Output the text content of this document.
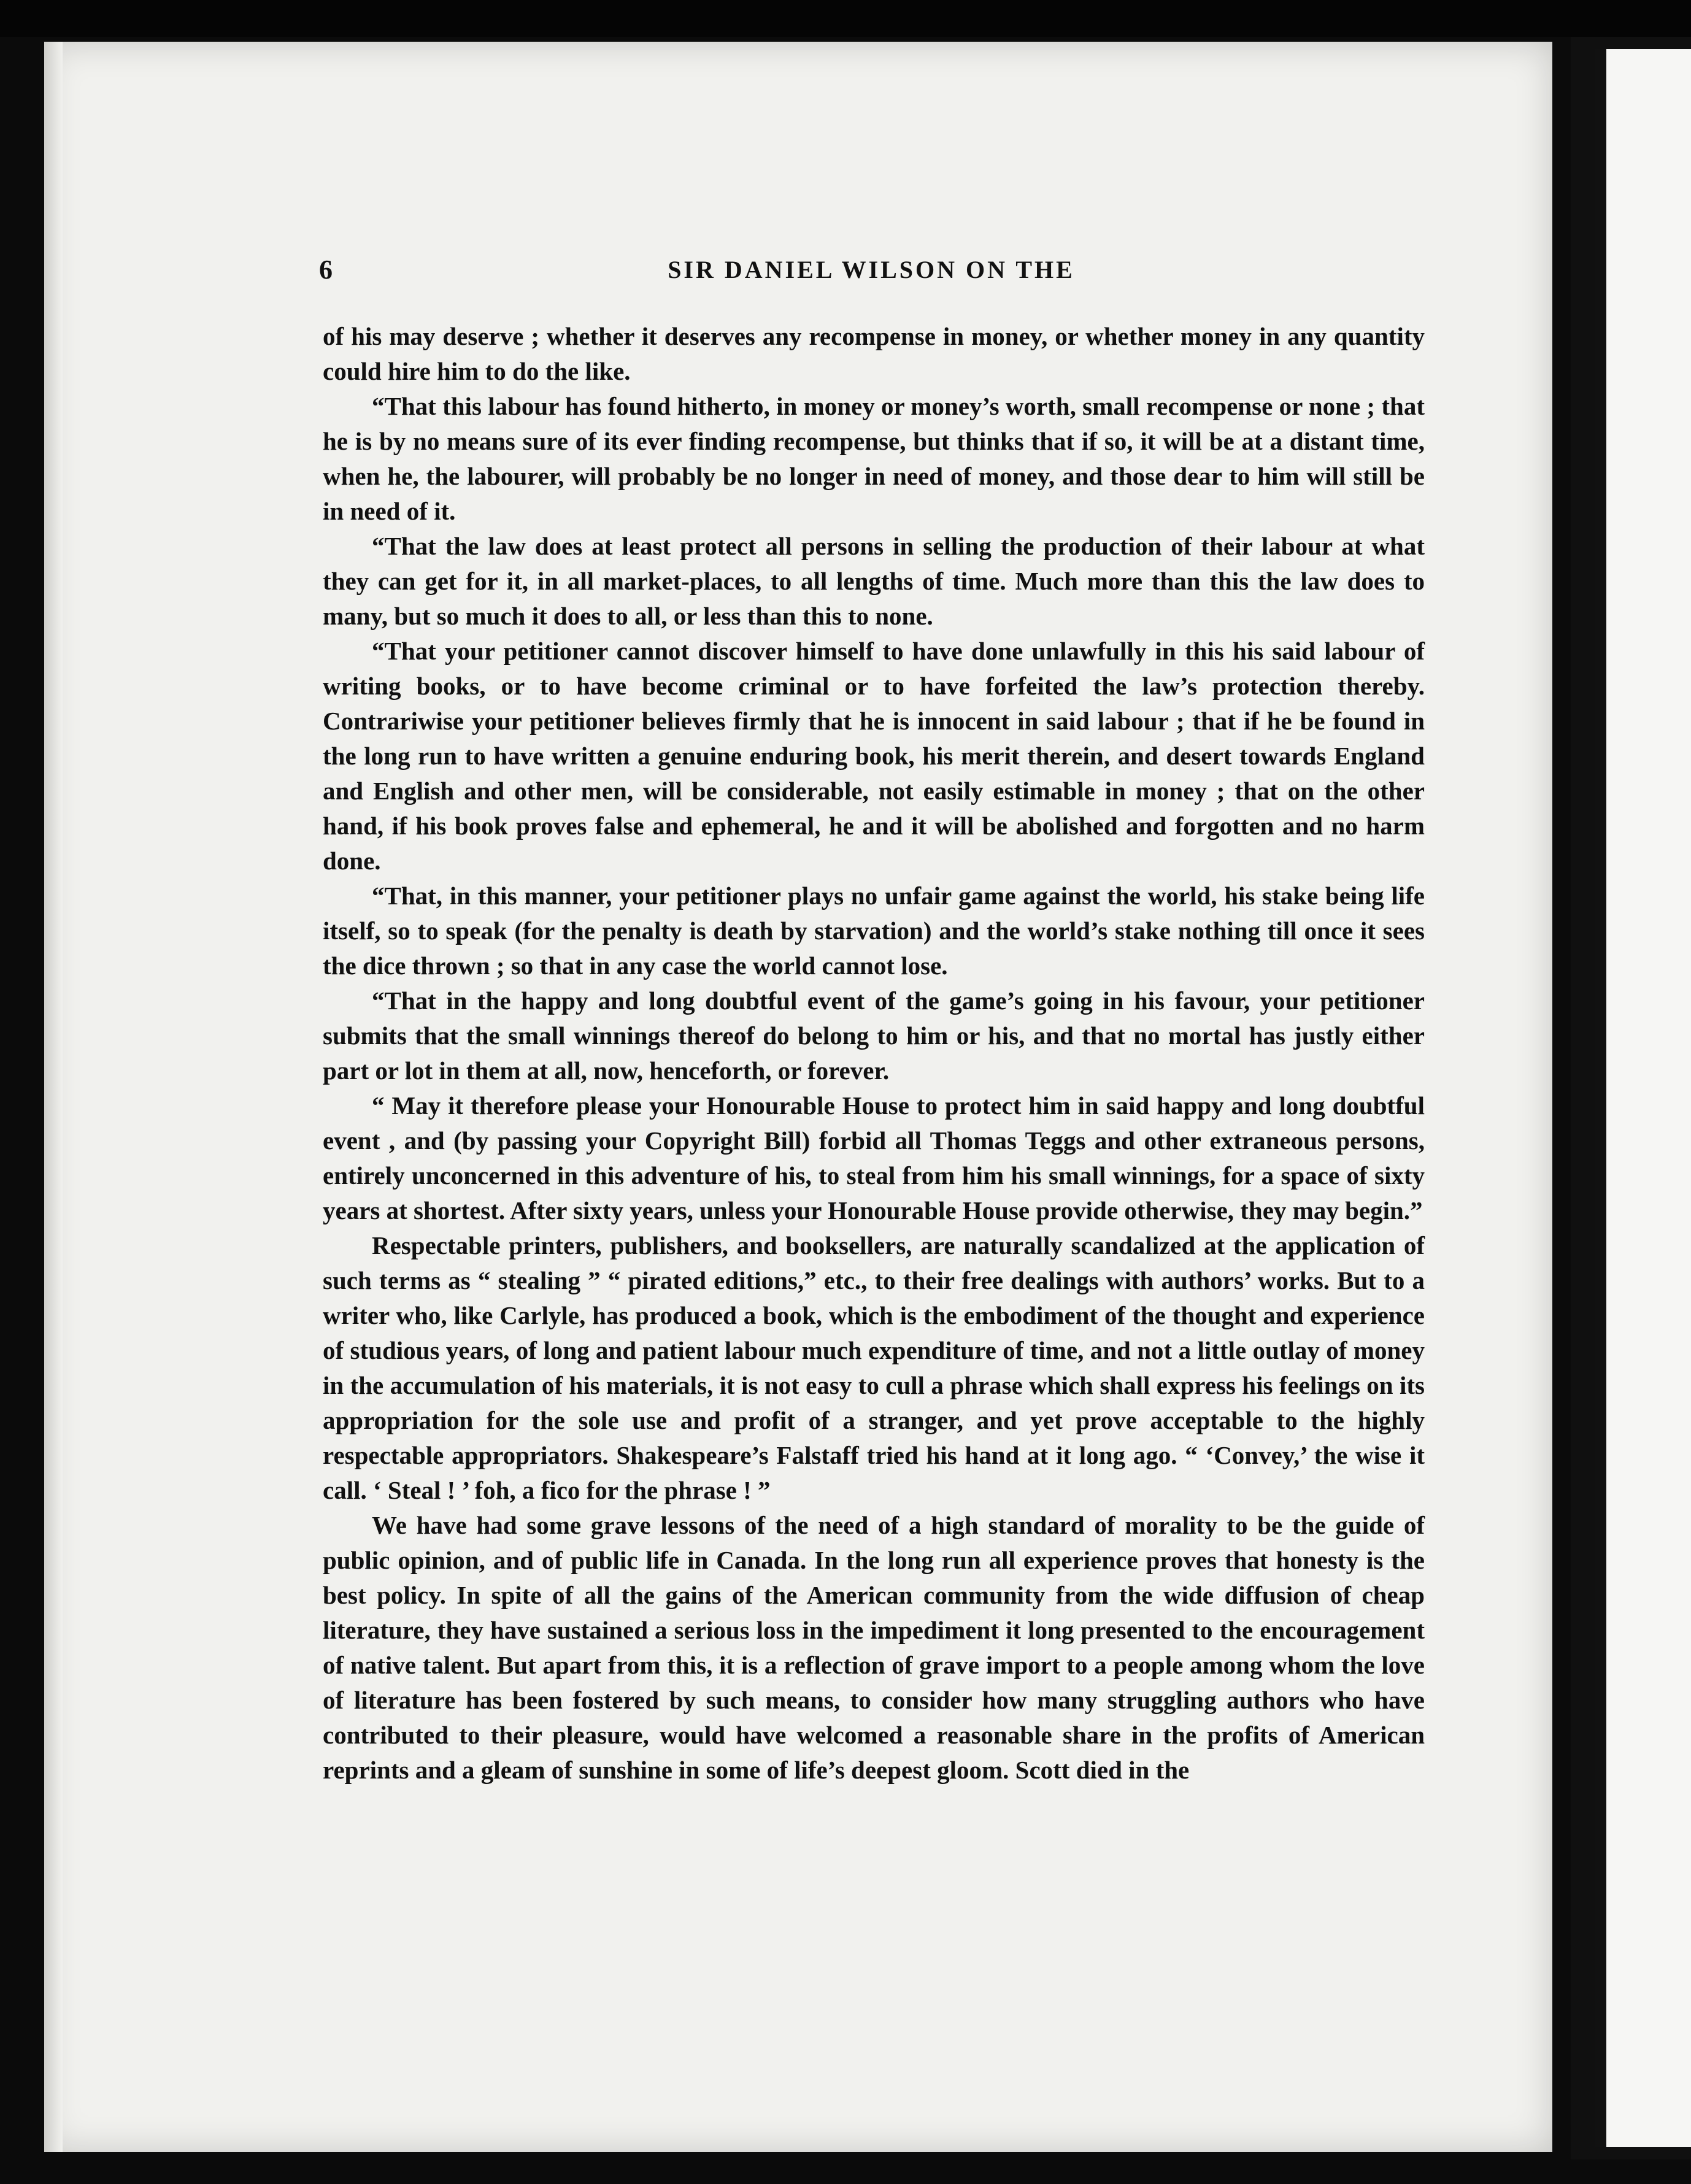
6	SIR DANIEL WILSON ON THE

of his may deserve ; whether it deserves any recompense in money, or whether money in any quantity could hire him to do the like.

“That this labour has found hitherto, in money or money’s worth, small recompense or none ; that he is by no means sure of its ever finding recompense, but thinks that if so, it will be at a distant time, when he, the labourer, will probably be no longer in need of money, and those dear to him will still be in need of it.

“That the law does at least protect all persons in selling the production of their labour at what they can get for it, in all market-places, to all lengths of time. Much more than this the law does to many, but so much it does to all, or less than this to none.

“That your petitioner cannot discover himself to have done unlawfully in this his said labour of writing books, or to have become criminal or to have forfeited the law’s protection thereby. Contrariwise your petitioner believes firmly that he is innocent in said labour ; that if he be found in the long run to have written a genuine enduring book, his merit therein, and desert towards England and English and other men, will be considerable, not easily estimable in money ; that on the other hand, if his book proves false and ephemeral, he and it will be abolished and forgotten and no harm done.

“That, in this manner, your petitioner plays no unfair game against the world, his stake being life itself, so to speak (for the penalty is death by starvation) and the world’s stake nothing till once it sees the dice thrown ; so that in any case the world cannot lose.

“That in the happy and long doubtful event of the game’s going in his favour, your petitioner submits that the small winnings thereof do belong to him or his, and that no mortal has justly either part or lot in them at all, now, henceforth, or forever.

“ May it therefore please your Honourable House to protect him in said happy and long doubtful event , and (by passing your Copyright Bill) forbid all Thomas Teggs and other extraneous persons, entirely unconcerned in this adventure of his, to steal from him his small winnings, for a space of sixty years at shortest. After sixty years, unless your Honourable House provide otherwise, they may begin.”

Respectable printers, publishers, and booksellers, are naturally scandalized at the application of such terms as “ stealing ” “ pirated editions,” etc., to their free dealings with authors’ works. But to a writer who, like Carlyle, has produced a book, which is the embodiment of the thought and experience of studious years, of long and patient labour much expenditure of time, and not a little outlay of money in the accumulation of his materials, it is not easy to cull a phrase which shall express his feelings on its appropriation for the sole use and profit of a stranger, and yet prove acceptable to the highly respectable appropriators. Shakespeare’s Falstaff tried his hand at it long ago. “ ‘Convey,’ the wise it call. ‘ Steal ! ’ foh, a fico for the phrase ! ”

We have had some grave lessons of the need of a high standard of morality to be the guide of public opinion, and of public life in Canada. In the long run all experience proves that honesty is the best policy. In spite of all the gains of the American community from the wide diffusion of cheap literature, they have sustained a serious loss in the impediment it long presented to the encouragement of native talent. But apart from this, it is a reflection of grave import to a people among whom the love of literature has been fostered by such means, to consider how many struggling authors who have contributed to their pleasure, would have welcomed a reasonable share in the profits of American reprints and a gleam of sunshine in some of life’s deepest gloom. Scott died in the
